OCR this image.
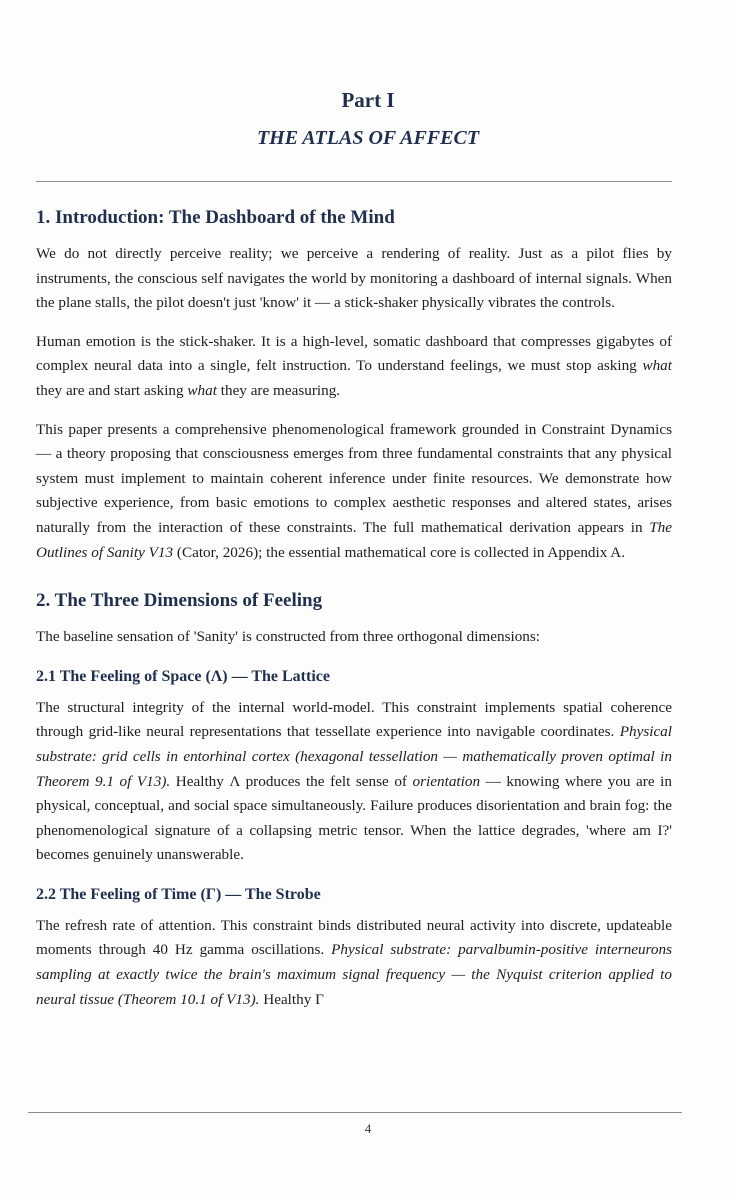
Part I
THE ATLAS OF AFFECT
1. Introduction: The Dashboard of the Mind

We do not directly perceive reality; we perceive a rendering of reality. Just as a pilot flies by instruments, the conscious self navigates the world by monitoring a dashboard of internal signals. When the plane stalls, the pilot doesn't just 'know' it — a stick-shaker physically vibrates the controls.

Human emotion is the stick-shaker. It is a high-level, somatic dashboard that compresses gigabytes of complex neural data into a single, felt instruction. To understand feelings, we must stop asking what they are and start asking what they are measuring.

This paper presents a comprehensive phenomenological framework grounded in Constraint Dynamics — a theory proposing that consciousness emerges from three fundamental constraints that any physical system must implement to maintain coherent inference under finite resources. We demonstrate how subjective experience, from basic emotions to complex aesthetic responses and altered states, arises naturally from the interaction of these constraints. The full mathematical derivation appears in The Outlines of Sanity V13 (Cator, 2026); the essential mathematical core is collected in Appendix A.

2. The Three Dimensions of Feeling

The baseline sensation of 'Sanity' is constructed from three orthogonal dimensions:

2.1 The Feeling of Space (Λ) — The Lattice

The structural integrity of the internal world-model. This constraint implements spatial coherence through grid-like neural representations that tessellate experience into navigable coordinates. Physical substrate: grid cells in entorhinal cortex (hexagonal tessellation — mathematically proven optimal in Theorem 9.1 of V13). Healthy Λ produces the felt sense of orientation — knowing where you are in physical, conceptual, and social space simultaneously. Failure produces disorientation and brain fog: the phenomenological signature of a collapsing metric tensor. When the lattice degrades, 'where am I?' becomes genuinely unanswerable.

2.2 The Feeling of Time (Γ) — The Strobe

The refresh rate of attention. This constraint binds distributed neural activity into discrete, updateable moments through 40 Hz gamma oscillations. Physical substrate: parvalbumin-positive interneurons sampling at exactly twice the brain's maximum signal frequency — the Nyquist criterion applied to neural tissue (Theorem 10.1 of V13). Healthy Γ

4
